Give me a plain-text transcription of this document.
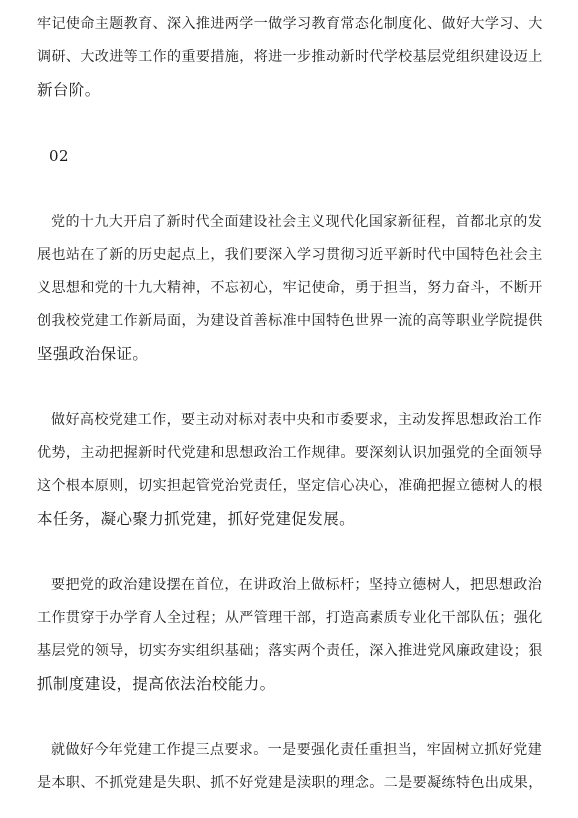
牢记使命主题教育、深入推进两学一做学习教育常态化制度化、做好大学习、大
调研、大改进等工作的重要措施，将进一步推动新时代学校基层党组织建设迈上
新台阶。

02

党的十九大开启了新时代全面建设社会主义现代化国家新征程，首都北京的发
展也站在了新的历史起点上，我们要深入学习贯彻习近平新时代中国特色社会主
义思想和党的十九大精神，不忘初心，牢记使命，勇于担当，努力奋斗，不断开
创我校党建工作新局面，为建设首善标准中国特色世界一流的高等职业学院提供
坚强政治保证。

做好高校党建工作，要主动对标对表中央和市委要求，主动发挥思想政治工作
优势，主动把握新时代党建和思想政治工作规律。要深刻认识加强党的全面领导
这个根本原则，切实担起管党治党责任，坚定信心决心，准确把握立德树人的根
本任务，凝心聚力抓党建，抓好党建促发展。

要把党的政治建设摆在首位，在讲政治上做标杆；坚持立德树人，把思想政治
工作贯穿于办学育人全过程；从严管理干部，打造高素质专业化干部队伍；强化
基层党的领导，切实夯实组织基础；落实两个责任，深入推进党风廉政建设；狠
抓制度建设，提高依法治校能力。

就做好今年党建工作提三点要求。一是要强化责任重担当，牢固树立抓好党建
是本职、不抓党建是失职、抓不好党建是渎职的理念。二是要凝练特色出成果，
